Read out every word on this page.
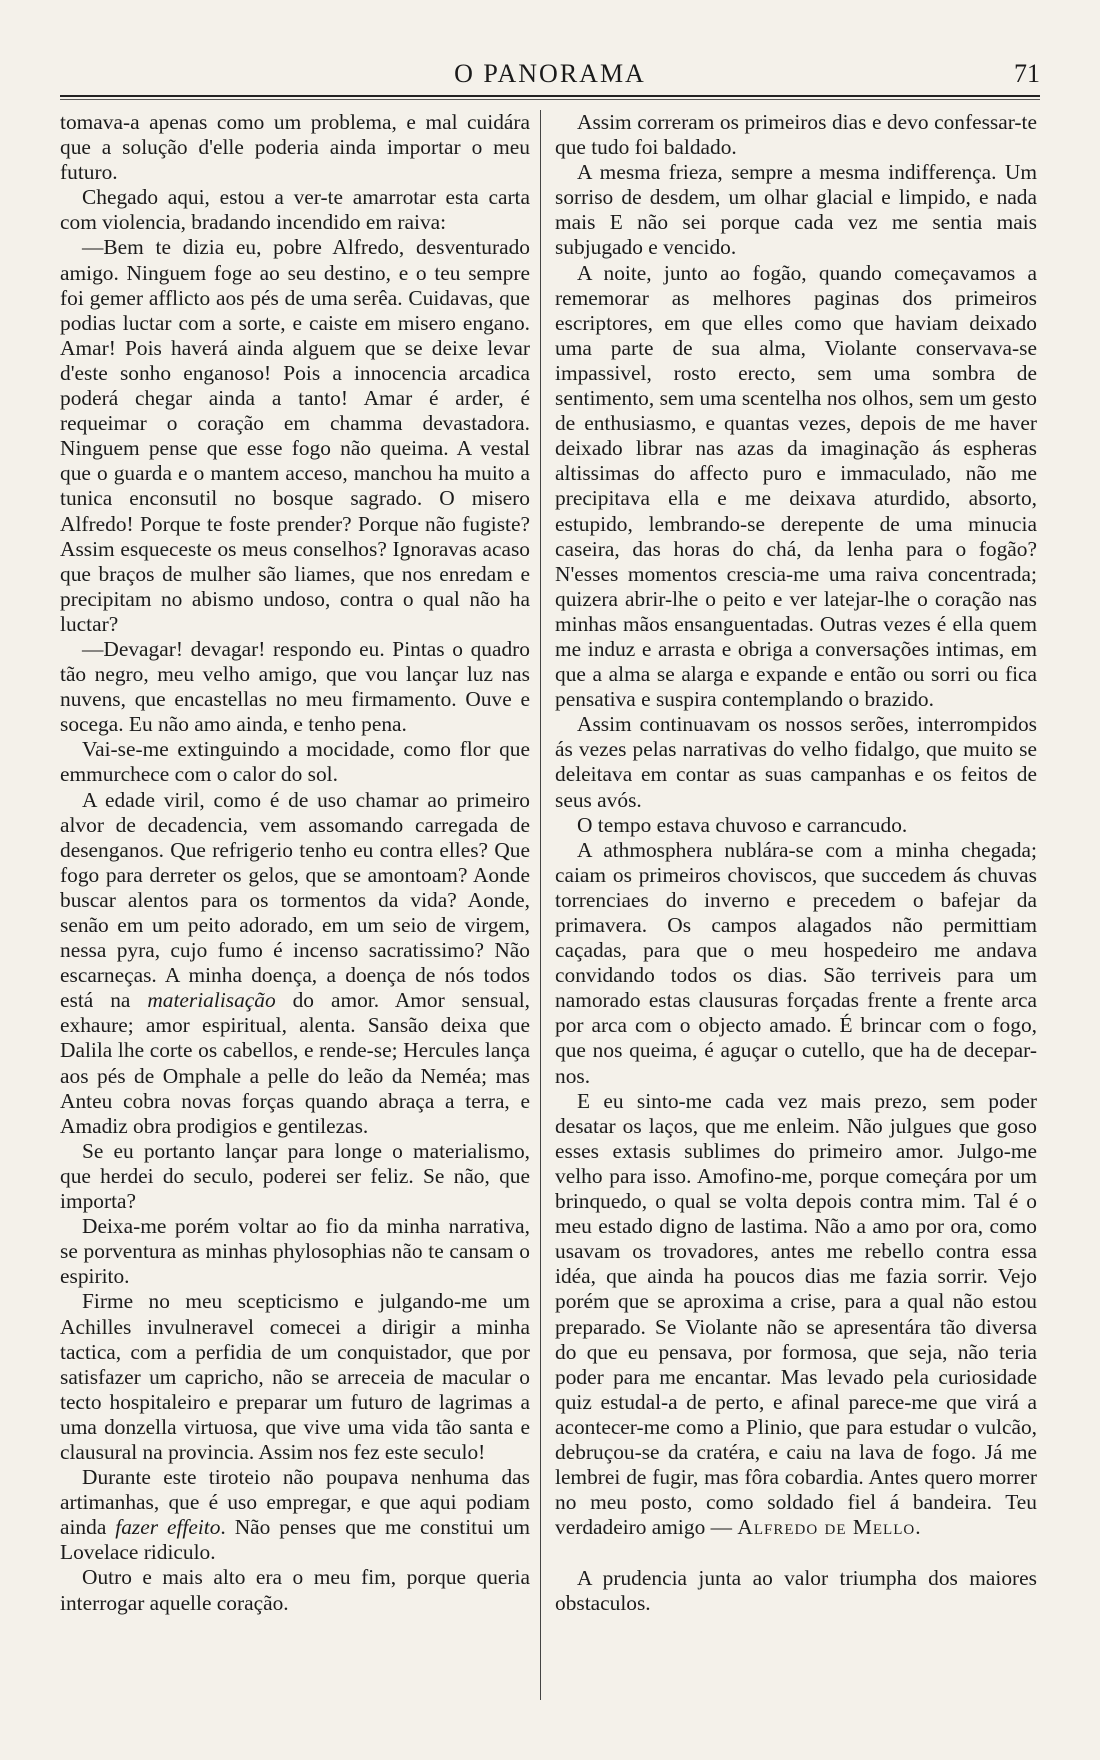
O PANORAMA	71

tomava-a apenas como um problema, e mal cuidára que a solução d'elle poderia ainda importar o meu futuro.

Chegado aqui, estou a ver-te amarrotar esta carta com violencia, bradando incendido em raiva:

—Bem te dizia eu, pobre Alfredo, desventurado amigo. Ninguem foge ao seu destino, e o teu sempre foi gemer afflicto aos pés de uma serêa. Cuidavas, que podias luctar com a sorte, e caiste em misero engano. Amar! Pois haverá ainda alguem que se deixe levar d'este sonho enganoso! Pois a innocencia arcadica poderá chegar ainda a tanto! Amar é arder, é requeimar o coração em chamma devastadora. Ninguem pense que esse fogo não queima. A vestal que o guarda e o mantem acceso, manchou ha muito a tunica enconsutil no bosque sagrado. O misero Alfredo! Porque te foste prender? Porque não fugiste? Assim esqueceste os meus conselhos? Ignoravas acaso que braços de mulher são liames, que nos enredam e precipitam no abismo undoso, contra o qual não ha luctar?

—Devagar! devagar! respondo eu. Pintas o quadro tão negro, meu velho amigo, que vou lançar luz nas nuvens, que encastellas no meu firmamento. Ouve e socega. Eu não amo ainda, e tenho pena.

Vai-se-me extinguindo a mocidade, como flor que emmurchece com o calor do sol.

A edade viril, como é de uso chamar ao primeiro alvor de decadencia, vem assomando carregada de desenganos. Que refrigerio tenho eu contra elles? Que fogo para derreter os gelos, que se amontoam? Aonde buscar alentos para os tormentos da vida? Aonde, senão em um peito adorado, em um seio de virgem, nessa pyra, cujo fumo é incenso sacratissimo? Não escarneças. A minha doença, a doença de nós todos está na materialisação do amor. Amor sensual, exhaure; amor espiritual, alenta. Sansão deixa que Dalila lhe corte os cabellos, e rende-se; Hercules lança aos pés de Omphale a pelle do leão da Neméa; mas Anteu cobra novas forças quando abraça a terra, e Amadiz obra prodigios e gentilezas.

Se eu portanto lançar para longe o materialismo, que herdei do seculo, poderei ser feliz. Se não, que importa?

Deixa-me porém voltar ao fio da minha narrativa, se porventura as minhas phylosophias não te cansam o espirito.

Firme no meu scepticismo e julgando-me um Achilles invulneravel comecei a dirigir a minha tactica, com a perfidia de um conquistador, que por satisfazer um capricho, não se arreceia de macular o tecto hospitaleiro e preparar um futuro de lagrimas a uma donzella virtuosa, que vive uma vida tão santa e clausural na provincia. Assim nos fez este seculo!

Durante este tiroteio não poupava nenhuma das artimanhas, que é uso empregar, e que aqui podiam ainda fazer effeito. Não penses que me constitui um Lovelace ridiculo.

Outro e mais alto era o meu fim, porque queria interrogar aquelle coração.

Assim correram os primeiros dias e devo confessar-te que tudo foi baldado.

A mesma frieza, sempre a mesma indifferença. Um sorriso de desdem, um olhar glacial e limpido, e nada mais E não sei porque cada vez me sentia mais subjugado e vencido.

A noite, junto ao fogão, quando começavamos a rememorar as melhores paginas dos primeiros escriptores, em que elles como que haviam deixado uma parte de sua alma, Violante conservava-se impassivel, rosto erecto, sem uma sombra de sentimento, sem uma scentelha nos olhos, sem um gesto de enthusiasmo, e quantas vezes, depois de me haver deixado librar nas azas da imaginação ás espheras altissimas do affecto puro e immaculado, não me precipitava ella e me deixava aturdido, absorto, estupido, lembrando-se derepente de uma minucia caseira, das horas do chá, da lenha para o fogão? N'esses momentos crescia-me uma raiva concentrada; quizera abrir-lhe o peito e ver latejar-lhe o coração nas minhas mãos ensanguentadas. Outras vezes é ella quem me induz e arrasta e obriga a conversações intimas, em que a alma se alarga e expande e então ou sorri ou fica pensativa e suspira contemplando o brazido.

Assim continuavam os nossos serões, interrompidos ás vezes pelas narrativas do velho fidalgo, que muito se deleitava em contar as suas campanhas e os feitos de seus avós.

O tempo estava chuvoso e carrancudo.

A athmosphera nublára-se com a minha chegada; caiam os primeiros choviscos, que succedem ás chuvas torrenciaes do inverno e precedem o bafejar da primavera. Os campos alagados não permittiam caçadas, para que o meu hospedeiro me andava convidando todos os dias. São terriveis para um namorado estas clausuras forçadas frente a frente arca por arca com o objecto amado. É brincar com o fogo, que nos queima, é aguçar o cutello, que ha de decepar-nos.

E eu sinto-me cada vez mais prezo, sem poder desatar os laços, que me enleim. Não julgues que goso esses extasis sublimes do primeiro amor. Julgo-me velho para isso. Amofino-me, porque começára por um brinquedo, o qual se volta depois contra mim. Tal é o meu estado digno de lastima. Não a amo por ora, como usavam os trovadores, antes me rebello contra essa idéa, que ainda ha poucos dias me fazia sorrir. Vejo porém que se aproxima a crise, para a qual não estou preparado. Se Violante não se apresentára tão diversa do que eu pensava, por formosa, que seja, não teria poder para me encantar. Mas levado pela curiosidade quiz estudal-a de perto, e afinal parece-me que virá a acontecer-me como a Plinio, que para estudar o vulcão, debruçou-se da cratéra, e caiu na lava de fogo. Já me lembrei de fugir, mas fôra cobardia. Antes quero morrer no meu posto, como soldado fiel á bandeira. Teu verdadeiro amigo — Alfredo de Mello.

A prudencia junta ao valor triumpha dos maiores obstaculos.
